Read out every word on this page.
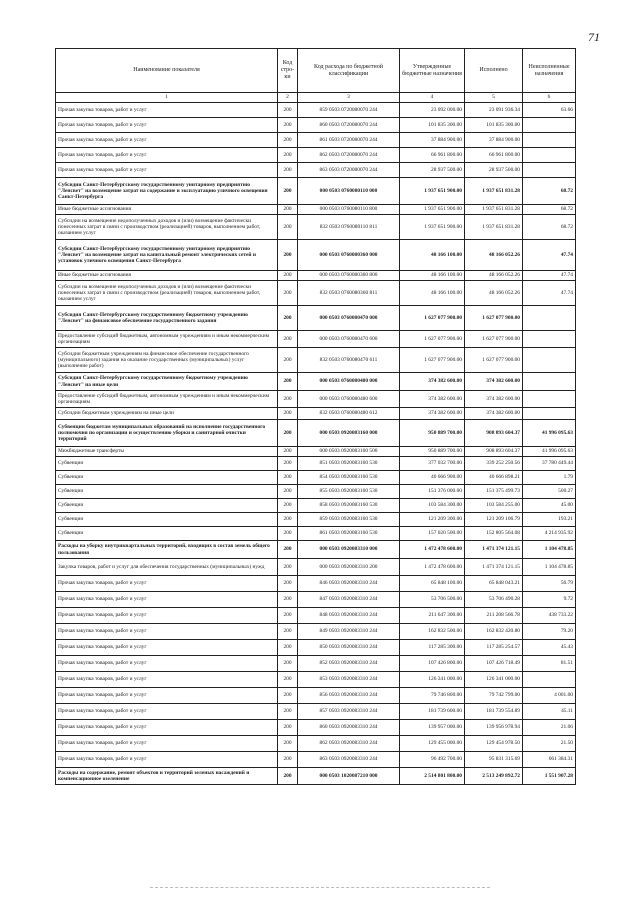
71
Наименование показателя	Код стро- ки	Код расхода по бюджетной классификации	Утвержденные бюджетные назначения	Исполнено	Неисполненные назначения
1	2	3	4	5	6
Прочая закупка товаров, работ и услуг	200	859 0503 0720080070 244	23 092 000.00	23 091 936.34	63.66
Прочая закупка товаров, работ и услуг	200	860 0503 0720080070 244	101 835 300.00	101 835 300.00	
Прочая закупка товаров, работ и услуг	200	861 0503 0720080070 244	37 884 900.00	37 884 900.00	
Прочая закупка товаров, работ и услуг	200	862 0503 0720080070 244	66 961 800.00	66 961 800.00	
Прочая закупка товаров, работ и услуг	200	863 0503 0720080070 244	28 937 500.00	28 937 500.00	
Субсидии Санкт-Петербургскому государственному унитарному предприятию "Ленсвет" на возмещение затрат на содержание и эксплуатацию уличного освещения Санкт-Петербурга	200	000 0503 0760080110 000	1 937 651 900.00	1 937 651 831.28	68.72
Иные бюджетные ассигнования	200	000 0503 0760080110 800	1 937 651 900.00	1 937 651 831.28	68.72
Субсидии на возмещение недополученных доходов и (или) возмещение фактически понесенных затрат в связи с производством (реализацией) товаров, выполнением работ, оказанием услуг	200	832 0503 0760080110 811	1 937 651 900.00	1 937 651 831.28	68.72
Субсидии Санкт-Петербургскому государственному унитарному предприятию "Ленсвет" на возмещение затрат на капитальный ремонт электрических сетей и установок уличного освещения Санкт-Петербурга	200	000 0503 0760080360 000	48 166 100.00	48 166 052.26	47.74
Иные бюджетные ассигнования	200	000 0503 0760080360 800	48 166 100.00	48 166 052.26	47.74
Субсидии на возмещение недополученных доходов и (или) возмещение фактически понесенных затрат в связи с производством (реализацией) товаров, выполнением работ, оказанием услуг	200	832 0503 0760080360 811	48 166 100.00	48 166 052.26	47.74
Субсидия Санкт-Петербургскому государственному бюджетному учреждению "Ленсвет" на финансовое обеспечение государственного задания	200	000 0503 0760080470 000	1 627 077 900.00	1 627 077 900.00	
Предоставление субсидий бюджетным, автономным учреждениям и иным некоммерческим организациям	200	000 0503 0760080470 600	1 627 077 900.00	1 627 077 900.00	
Субсидии бюджетным учреждениям на финансовое обеспечение государственного (муниципального) задания на оказание государственных (муниципальных) услуг (выполнение работ)	200	832 0503 0760080470 611	1 627 077 900.00	1 627 077 900.00	
Субсидия Санкт-Петербургскому государственному бюджетному учреждению "Ленсвет" на иные цели	200	000 0503 0760080480 000	374 382 600.00	374 382 600.00	
Предоставление субсидий бюджетным, автономным учреждениям и иным некоммерческим организациям	200	000 0503 0760080480 600	374 382 600.00	374 382 600.00	
Субсидии бюджетным учреждениям на иные цели	200	832 0503 0760080480 612	374 382 600.00	374 382 600.00	
Субвенции бюджетам муниципальных образований на исполнение государственного полномочия по организации и осуществлению уборки и санитарной очистки территорий	200	000 0503 0920083160 000	950 889 700.00	908 893 604.37	41 996 095.63
Межбюджетные трансферты	200	000 0503 0920083160 500	950 889 700.00	908 893 604.37	41 996 095.63
Субвенции	200	851 0503 0920083160 530	377 032 700.00	339 252 250.56	37 780 449.44
Субвенции	200	854 0503 0920083160 530	40 666 900.00	40 666 898.21	1.79
Субвенции	200	855 0503 0920083160 530	151 376 000.00	151 375 499.73	500.27
Субвенции	200	858 0503 0920083160 530	103 584 300.00	103 584 255.00	45.00
Субвенции	200	859 0503 0920083160 530	121 209 300.00	121 209 106.79	193.21
Субвенции	200	861 0503 0920083160 530	157 020 500.00	152 805 564.08	4 214 935.92
Расходы на уборку внутриквартальных территорий, входящих в состав земель общего пользования	200	000 0503 0920083310 000	1 472 478 600.00	1 471 374 121.15	1 104 478.85
Закупка товаров, работ и услуг для обеспечения государственных (муниципальных) нужд	200	000 0503 0920083310 200	1 472 478 600.00	1 471 374 121.15	1 104 478.85
Прочая закупка товаров, работ и услуг	200	846 0503 0920083310 244	65 848 100.00	65 848 043.21	56.79
Прочая закупка товаров, работ и услуг	200	847 0503 0920083310 244	53 706 500.00	53 706 490.28	9.72
Прочая закупка товаров, работ и услуг	200	848 0503 0920083310 244	211 647 300.00	211 208 566.78	438 733.22
Прочая закупка товаров, работ и услуг	200	849 0503 0920083310 244	162 832 500.00	162 832 420.80	79.20
Прочая закупка товаров, работ и услуг	200	850 0503 0920083310 244	117 285 300.00	117 285 254.57	45.43
Прочая закупка товаров, работ и услуг	200	852 0503 0920083310 244	107 426 800.00	107 426 718.49	81.51
Прочая закупка товаров, работ и услуг	200	853 0503 0920083310 244	126 341 000.00	126 341 000.00	
Прочая закупка товаров, работ и услуг	200	856 0503 0920083310 244	79 746 800.00	79 742 799.00	4 001.00
Прочая закупка товаров, работ и услуг	200	857 0503 0920083310 244	181 739 600.00	181 739 554.89	45.11
Прочая закупка товаров, работ и услуг	200	860 0503 0920083310 244	139 957 000.00	139 956 978.94	21.06
Прочая закупка товаров, работ и услуг	200	862 0503 0920083310 244	129 455 000.00	129 454 978.50	21.50
Прочая закупка товаров, работ и услуг	200	863 0503 0920083310 244	96 492 700.00	95 831 315.69	661 384.31
Расходы на содержание, ремонт объектов и территорий зеленых насаждений и компенсационное озеленение	200	000 0503 1020087210 000	2 514 801 800.00	2 513 249 892.72	1 551 907.28
